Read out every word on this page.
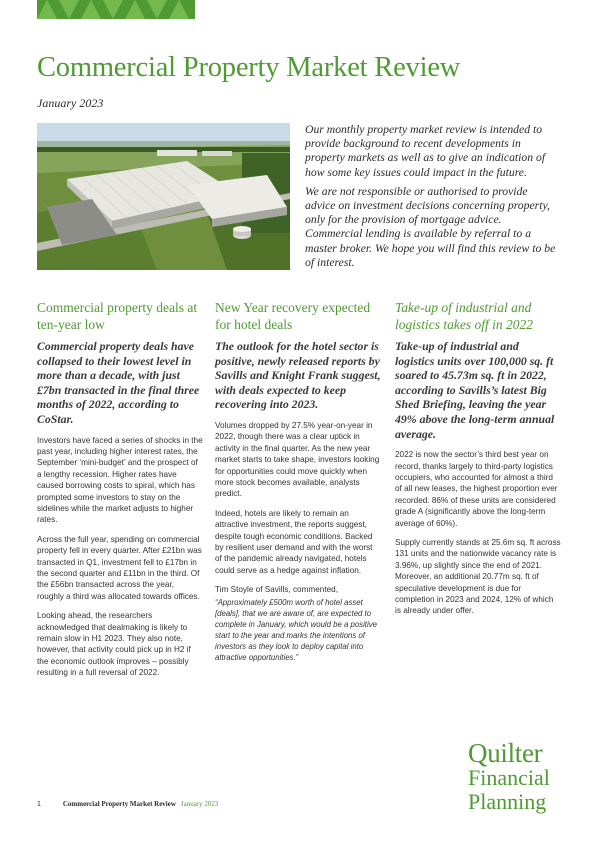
Commercial Property Market Review
January 2023

Our monthly property market review is intended to provide background to recent developments in property markets as well as to give an indication of how some key issues could impact in the future.

We are not responsible or authorised to provide advice on investment decisions concerning property, only for the provision of mortgage advice. Commercial lending is available by referral to a master broker. We hope you will find this review to be of interest.

Commercial property deals at ten-year low

Commercial property deals have collapsed to their lowest level in more than a decade, with just £7bn transacted in the final three months of 2022, according to CoStar.

Investors have faced a series of shocks in the past year, including higher interest rates, the September ‘mini-budget’ and the prospect of a lengthy recession. Higher rates have caused borrowing costs to spiral, which has prompted some investors to stay on the sidelines while the market adjusts to higher rates.

Across the full year, spending on commercial property fell in every quarter. After £21bn was transacted in Q1, investment fell to £17bn in the second quarter and £11bn in the third. Of the £56bn transacted across the year, roughly a third was allocated towards offices.

Looking ahead, the researchers acknowledged that dealmaking is likely to remain slow in H1 2023. They also note, however, that activity could pick up in H2 if the economic outlook improves – possibly resulting in a full reversal of 2022.

New Year recovery expected for hotel deals

The outlook for the hotel sector is positive, newly released reports by Savills and Knight Frank suggest, with deals expected to keep recovering into 2023.

Volumes dropped by 27.5% year-on-year in 2022, though there was a clear uptick in activity in the final quarter. As the new year market starts to take shape, investors looking for opportunities could move quickly when more stock becomes available, analysts predict.

Indeed, hotels are likely to remain an attractive investment, the reports suggest, despite tough economic conditions. Backed by resilient user demand and with the worst of the pandemic already navigated, hotels could serve as a hedge against inflation.

Tim Stoyle of Savills, commented,

“Approximately £500m worth of hotel asset [deals], that we are aware of, are expected to complete in January, which would be a positive start to the year and marks the intentions of investors as they look to deploy capital into attractive opportunities.”

Take-up of industrial and logistics takes off in 2022

Take-up of industrial and logistics units over 100,000 sq. ft soared to 45.73m sq. ft in 2022, according to Savills’s latest Big Shed Briefing, leaving the year 49% above the long-term annual average.

2022 is now the sector’s third best year on record, thanks largely to third-party logistics occupiers, who accounted for almost a third of all new leases, the highest proportion ever recorded. 86% of these units are considered grade A (significantly above the long-term average of 60%).

Supply currently stands at 25.6m sq. ft across 131 units and the nationwide vacancy rate is 3.96%, up slightly since the end of 2021. Moreover, an additional 20.77m sq. ft of speculative development is due for completion in 2023 and 2024, 12% of which is already under offer.

Quilter
Financial
Planning
1	Commercial Property Market Review January 2023
